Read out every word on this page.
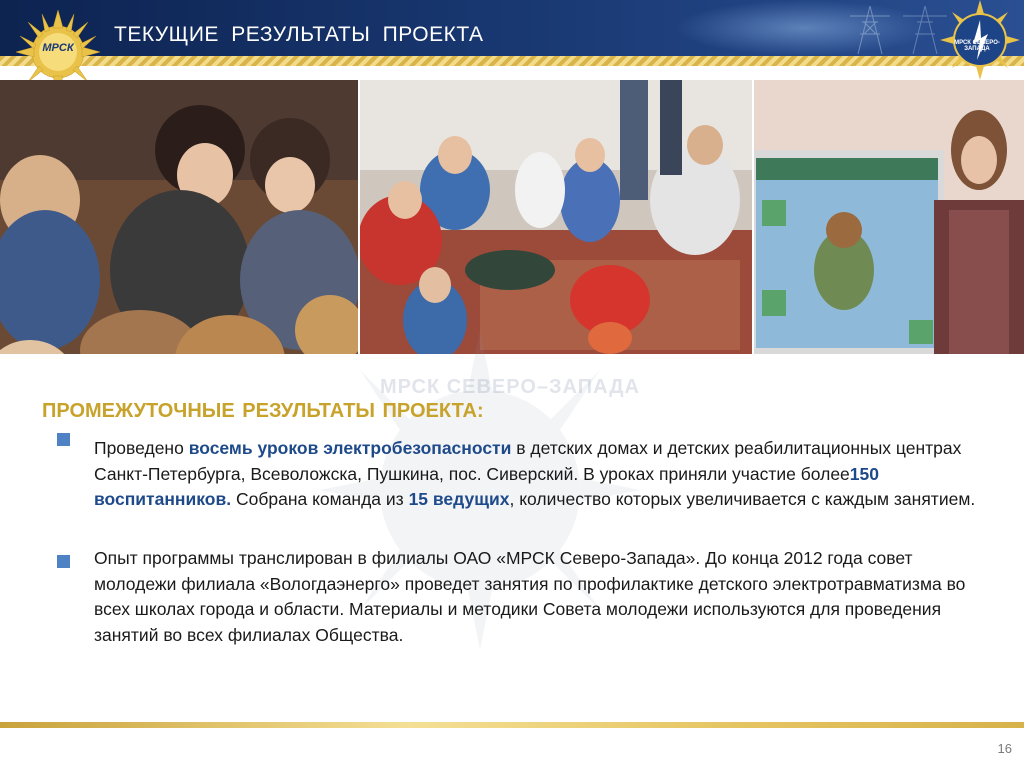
ТЕКУЩИЕ РЕЗУЛЬТАТЫ ПРОЕКТА
МРСК	МРСК СЕВЕРО-ЗАПАДА
МРСК СЕВЕРО–ЗАПАДА
ПРОМЕЖУТОЧНЫЕ РЕЗУЛЬТАТЫ ПРОЕКТА:
Проведено восемь уроков электробезопасности в детских домах и детских реабилитационных центрах Санкт-Петербурга, Всеволожска, Пушкина, пос. Сиверский. В уроках приняли участие более150 воспитанников. Собрана команда из 15 ведущих, количество которых увеличивается с каждым занятием.
Опыт программы транслирован в филиалы ОАО «МРСК Северо-Запада». До конца 2012 года совет молодежи филиала «Вологдаэнерго» проведет занятия по профилактике детского электротравматизма во всех школах города и области. Материалы и методики Совета молодежи используются для проведения занятий во всех филиалах Общества.
16
